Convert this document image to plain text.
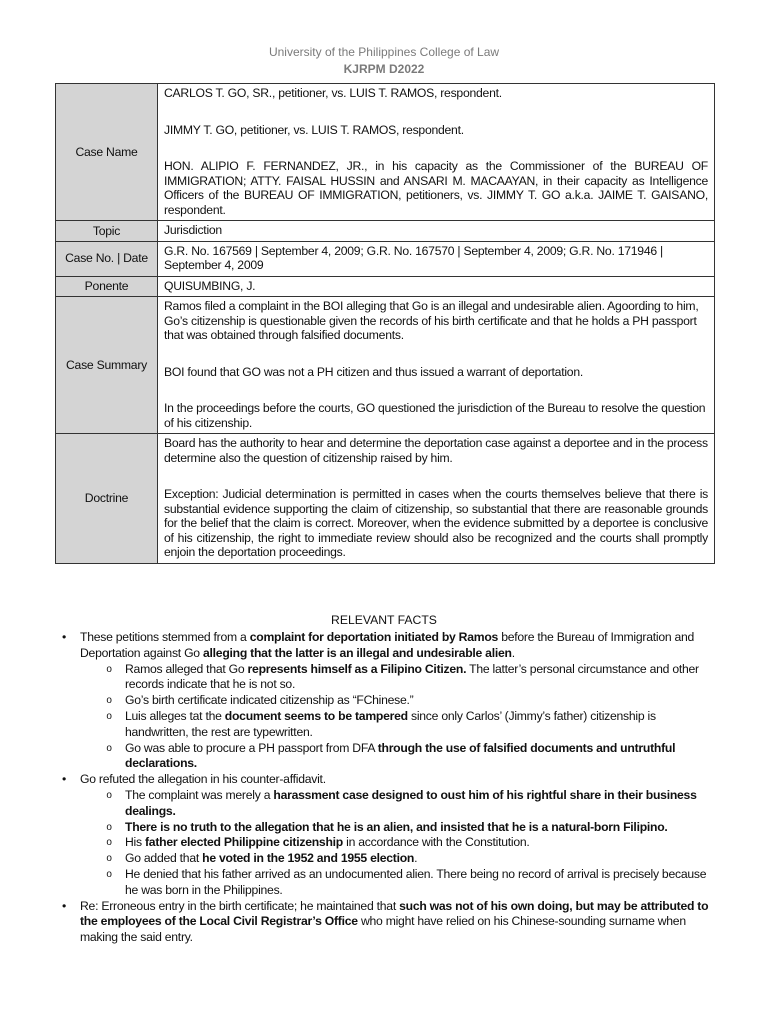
University of the Philippines College of Law
KJRPM D2022
Case Name	CARLOS T. GO, SR., petitioner, vs. LUIS T. RAMOS, respondent.

JIMMY T. GO, petitioner, vs. LUIS T. RAMOS, respondent.

HON. ALIPIO F. FERNANDEZ, JR., in his capacity as the Commissioner of the BUREAU OF IMMIGRATION; ATTY. FAISAL HUSSIN and ANSARI M. MACAAYAN, in their capacity as Intelligence Officers of the BUREAU OF IMMIGRATION, petitioners, vs. JIMMY T. GO a.k.a. JAIME T. GAISANO, respondent.

Topic	Jurisdiction

Case No. | Date	G.R. No. 167569 | September 4, 2009; G.R. No. 167570 | September 4, 2009; G.R. No. 171946 | September 4, 2009

Ponente	QUISUMBING, J.

Case Summary	Ramos filed a complaint in the BOI alleging that Go is an illegal and undesirable alien. Agoording to him, Go’s citizenship is questionable given the records of his birth certificate and that he holds a PH passport that was obtained through falsified documents.

BOI found that GO was not a PH citizen and thus issued a warrant of deportation.

In the proceedings before the courts, GO questioned the jurisdiction of the Bureau to resolve the question of his citizenship.

Doctrine	Board has the authority to hear and determine the deportation case against a deportee and in the process determine also the question of citizenship raised by him.

Exception: Judicial determination is permitted in cases when the courts themselves believe that there is substantial evidence supporting the claim of citizenship, so substantial that there are reasonable grounds for the belief that the claim is correct. Moreover, when the evidence submitted by a deportee is conclusive of his citizenship, the right to immediate review should also be recognized and the courts shall promptly enjoin the deportation proceedings.

RELEVANT FACTS
•	These petitions stemmed from a complaint for deportation initiated by Ramos before the Bureau of Immigration and Deportation against Go alleging that the latter is an illegal and undesirable alien.
o Ramos alleged that Go represents himself as a Filipino Citizen. The latter’s personal circumstance and other records indicate that he is not so.
o Go’s birth certificate indicated citizenship as “FChinese.”
o Luis alleges tat the document seems to be tampered since only Carlos’ (Jimmy’s father) citizenship is handwritten, the rest are typewritten.
o Go was able to procure a PH passport from DFA through the use of falsified documents and untruthful declarations.
•	Go refuted the allegation in his counter-affidavit.
o The complaint was merely a harassment case designed to oust him of his rightful share in their business dealings.
o There is no truth to the allegation that he is an alien, and insisted that he is a natural-born Filipino.
o His father elected Philippine citizenship in accordance with the Constitution.
o Go added that he voted in the 1952 and 1955 election.
o He denied that his father arrived as an undocumented alien. There being no record of arrival is precisely because he was born in the Philippines.
•	Re: Erroneous entry in the birth certificate; he maintained that such was not of his own doing, but may be attributed to the employees of the Local Civil Registrar’s Office who might have relied on his Chinese-sounding surname when making the said entry.
